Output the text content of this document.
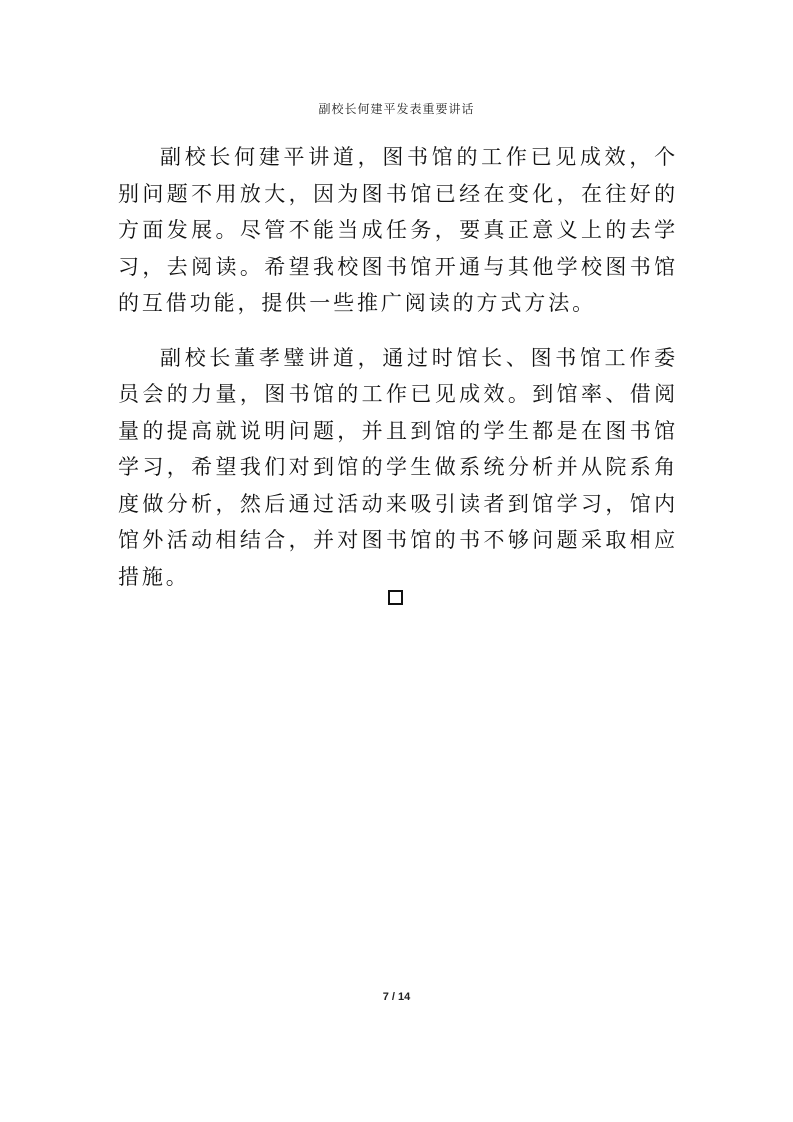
副校长何建平发表重要讲话

副校长何建平讲道，图书馆的工作已见成效，个别问题不用放大，因为图书馆已经在变化，在往好的方面发展。尽管不能当成任务，要真正意义上的去学习，去阅读。希望我校图书馆开通与其他学校图书馆的互借功能，提供一些推广阅读的方式方法。

副校长董孝璧讲道，通过时馆长、图书馆工作委员会的力量，图书馆的工作已见成效。到馆率、借阅量的提高就说明问题，并且到馆的学生都是在图书馆学习，希望我们对到馆的学生做系统分析并从院系角度做分析，然后通过活动来吸引读者到馆学习，馆内馆外活动相结合，并对图书馆的书不够问题采取相应措施。

7 / 14
